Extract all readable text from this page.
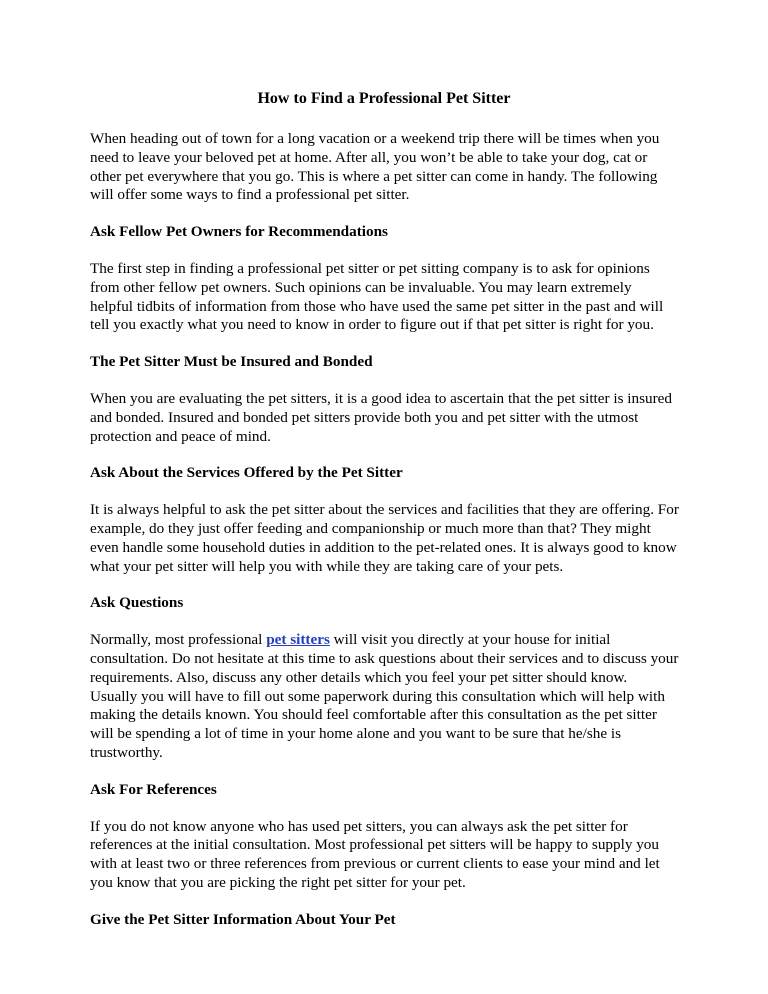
How to Find a Professional Pet Sitter
When heading out of town for a long vacation or a weekend trip there will be times when you
need to leave your beloved pet at home. After all, you won’t be able to take your dog, cat or
other pet everywhere that you go. This is where a pet sitter can come in handy. The following
will offer some ways to find a professional pet sitter.
Ask Fellow Pet Owners for Recommendations
The first step in finding a professional pet sitter or pet sitting company is to ask for opinions
from other fellow pet owners. Such opinions can be invaluable. You may learn extremely
helpful tidbits of information from those who have used the same pet sitter in the past and will
tell you exactly what you need to know in order to figure out if that pet sitter is right for you.
The Pet Sitter Must be Insured and Bonded
When you are evaluating the pet sitters, it is a good idea to ascertain that the pet sitter is insured
and bonded. Insured and bonded pet sitters provide both you and pet sitter with the utmost
protection and peace of mind.
Ask About the Services Offered by the Pet Sitter
It is always helpful to ask the pet sitter about the services and facilities that they are offering. For
example, do they just offer feeding and companionship or much more than that? They might
even handle some household duties in addition to the pet-related ones. It is always good to know
what your pet sitter will help you with while they are taking care of your pets.
Ask Questions
Normally, most professional pet sitters will visit you directly at your house for initial
consultation. Do not hesitate at this time to ask questions about their services and to discuss your
requirements. Also, discuss any other details which you feel your pet sitter should know.
Usually you will have to fill out some paperwork during this consultation which will help with
making the details known. You should feel comfortable after this consultation as the pet sitter
will be spending a lot of time in your home alone and you want to be sure that he/she is
trustworthy.
Ask For References
If you do not know anyone who has used pet sitters, you can always ask the pet sitter for
references at the initial consultation. Most professional pet sitters will be happy to supply you
with at least two or three references from previous or current clients to ease your mind and let
you know that you are picking the right pet sitter for your pet.
Give the Pet Sitter Information About Your Pet
